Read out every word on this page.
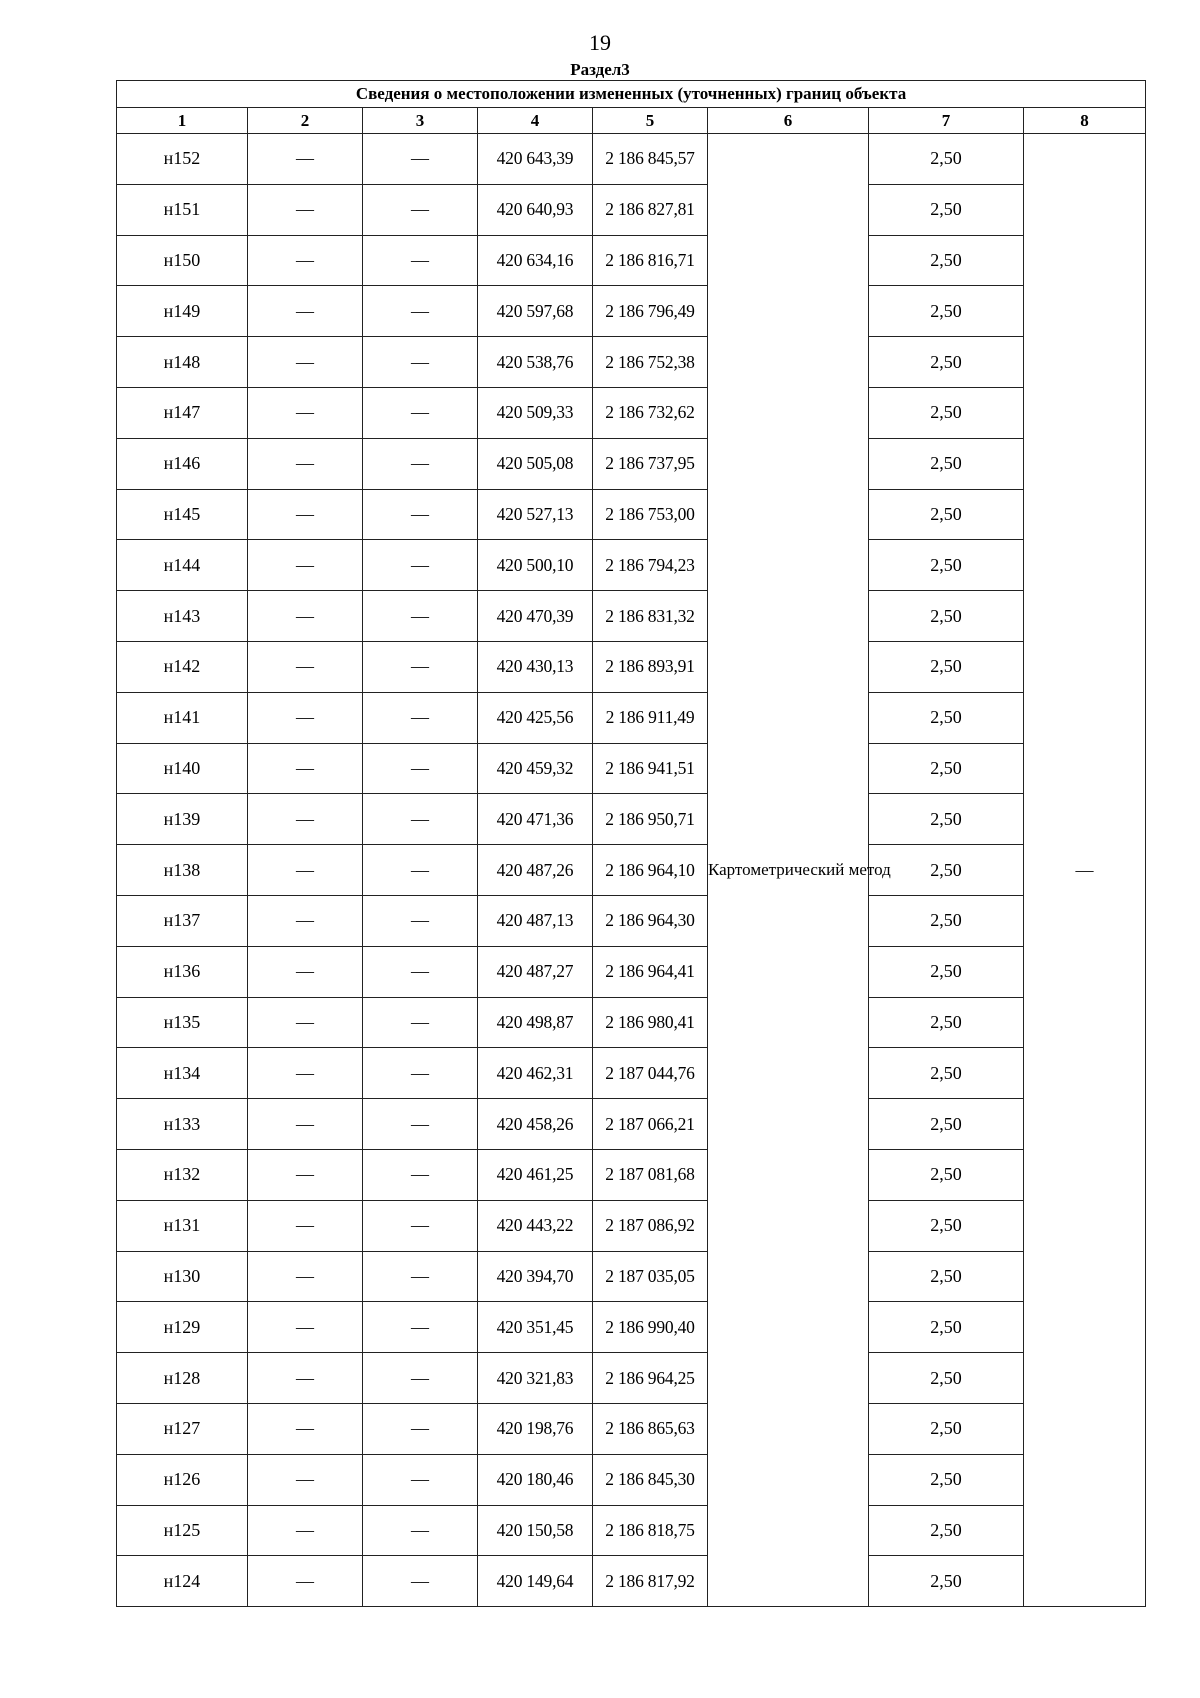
19
Раздел3
Сведения о местоположении измененных (уточненных) границ объекта							
1	2	3	4	5	6	7	8
н152	—	—	420 643,39	2 186 845,57	Картометрический метод	2,50	—
н151	—	—	420 640,93	2 186 827,81		2,50	
н150	—	—	420 634,16	2 186 816,71		2,50	
н149	—	—	420 597,68	2 186 796,49		2,50	
н148	—	—	420 538,76	2 186 752,38		2,50	
н147	—	—	420 509,33	2 186 732,62		2,50	
н146	—	—	420 505,08	2 186 737,95		2,50	
н145	—	—	420 527,13	2 186 753,00		2,50	
н144	—	—	420 500,10	2 186 794,23		2,50	
н143	—	—	420 470,39	2 186 831,32		2,50	
н142	—	—	420 430,13	2 186 893,91		2,50	
н141	—	—	420 425,56	2 186 911,49		2,50	
н140	—	—	420 459,32	2 186 941,51		2,50	
н139	—	—	420 471,36	2 186 950,71		2,50	
н138	—	—	420 487,26	2 186 964,10		2,50	
н137	—	—	420 487,13	2 186 964,30		2,50	
н136	—	—	420 487,27	2 186 964,41		2,50	
н135	—	—	420 498,87	2 186 980,41		2,50	
н134	—	—	420 462,31	2 187 044,76		2,50	
н133	—	—	420 458,26	2 187 066,21		2,50	
н132	—	—	420 461,25	2 187 081,68		2,50	
н131	—	—	420 443,22	2 187 086,92		2,50	
н130	—	—	420 394,70	2 187 035,05		2,50	
н129	—	—	420 351,45	2 186 990,40		2,50	
н128	—	—	420 321,83	2 186 964,25		2,50	
н127	—	—	420 198,76	2 186 865,63		2,50	
н126	—	—	420 180,46	2 186 845,30		2,50	
н125	—	—	420 150,58	2 186 818,75		2,50	
н124	—	—	420 149,64	2 186 817,92		2,50	
